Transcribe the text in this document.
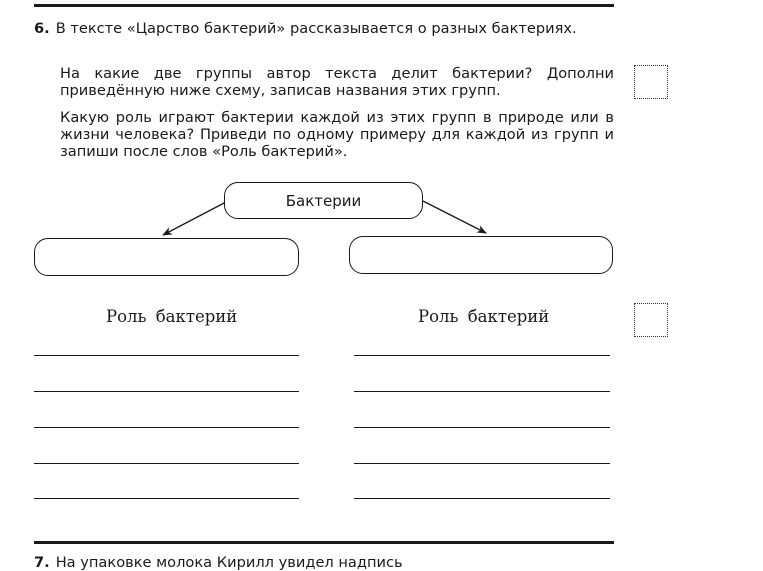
6. В тексте «Царство бактерий» рассказывается о разных бактериях.

На какие две группы автор текста делит бактерии? Дополни приведённую ниже схему, записав названия этих групп.

Какую роль играют бактерии каждой из этих групп в природе или в жизни человека? Приведи по одному примеру для каждой из групп и запиши после слов «Роль бактерий».

Бактерии
Роль бактерий	Роль бактерий
7. На упаковке молока Кирилл увидел надпись
